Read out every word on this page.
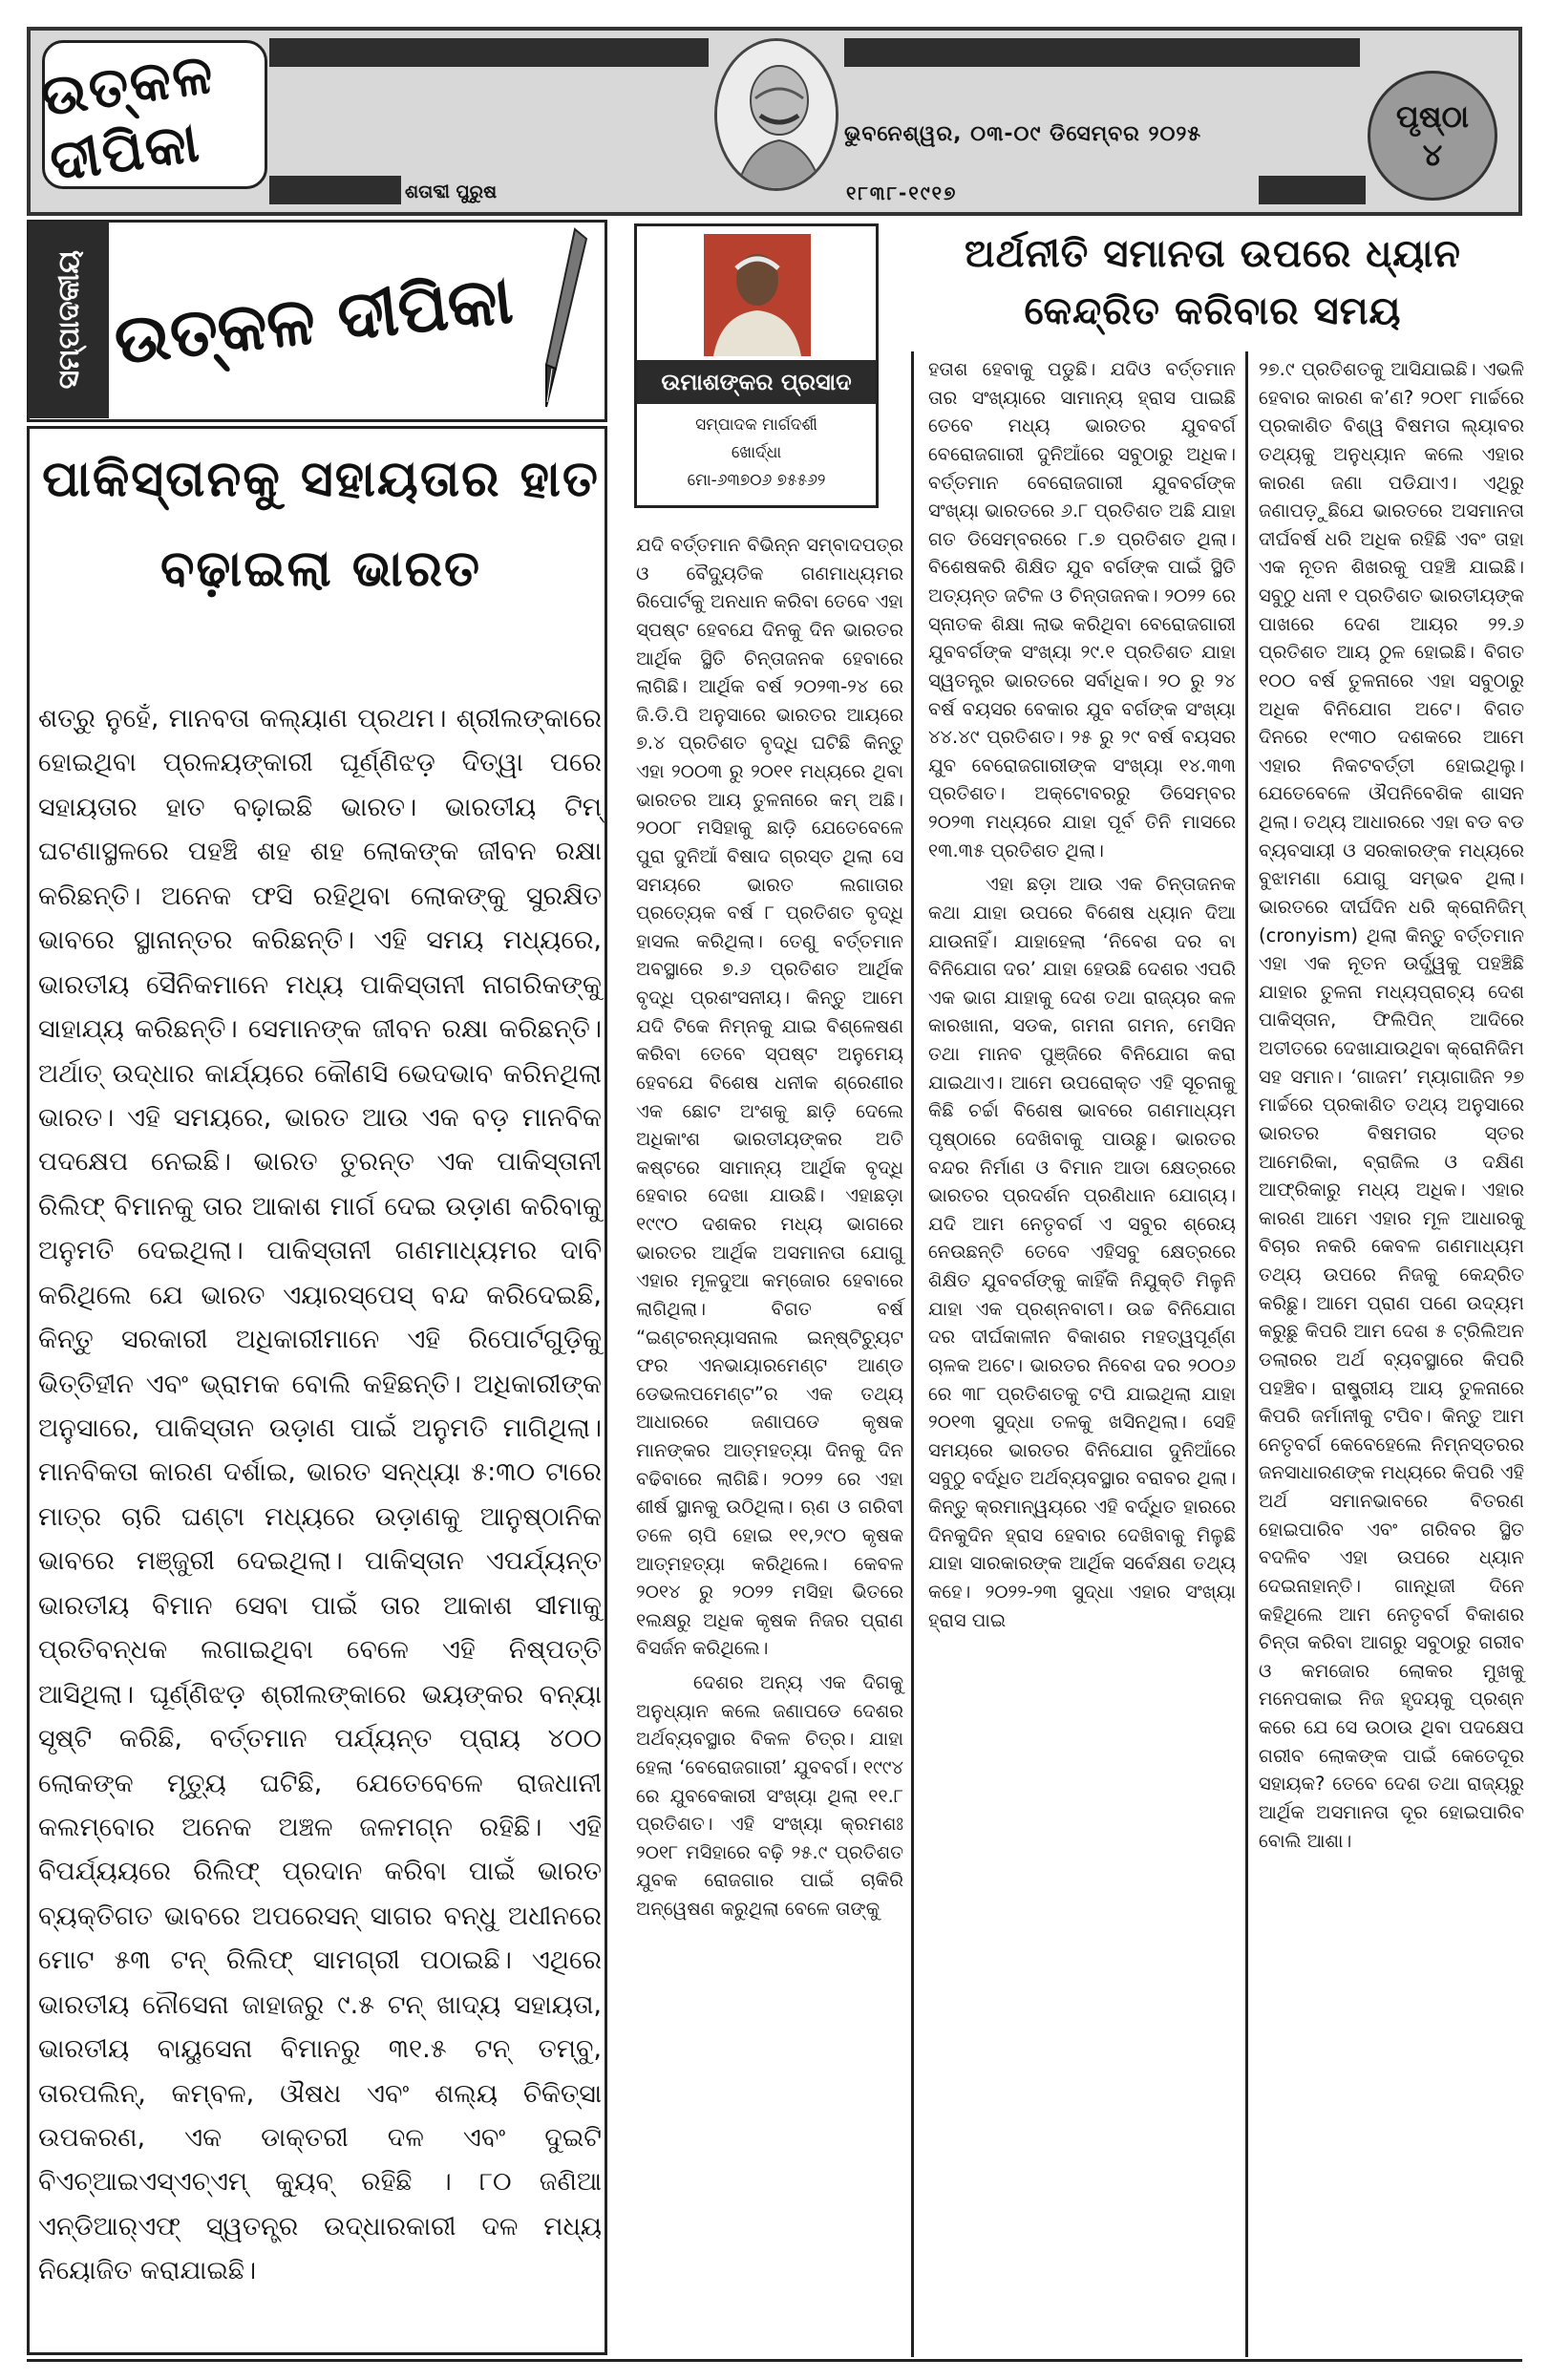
ଉତ୍କଳ ଦୀପିକା	ଭୁବନେଶ୍ୱର, ୦୩-୦୯ ଡିସେମ୍ବର ୨୦୨୫
ଶତାବ୍ଦୀ ପୁରୁଷ	୧୮୩୮-୧୯୧୭
ପୃଷ୍ଠା
୪
ସମ୍ପାଦକୀୟ ଉତ୍କଳ ଦୀପିକା
ପାକିସ୍ତାନକୁ ସହାୟତାର ହାତ ବଢ଼ାଇଲା ଭାରତ
ଶତ୍ରୁ ନୁହେଁ, ମାନବତା କଲ୍ୟାଣ ପ୍ରଥମ। ଶ୍ରୀଲଙ୍କାରେ ହୋଇଥିବା ପ୍ରଳୟଙ୍କାରୀ ଘୂର୍ଣ୍ଣିଝଡ଼ ଦିତ୍ୱା ପରେ ସହାୟତାର ହାତ ବଢ଼ାଇଛି ଭାରତ। ଭାରତୀୟ ଟିମ୍ ଘଟଣାସ୍ଥଳରେ ପହଞ୍ଚି ଶହ ଶହ ଲୋକଙ୍କ ଜୀବନ ରକ୍ଷା କରିଛନ୍ତି। ଅନେକ ଫସି ରହିଥିବା ଲୋକଙ୍କୁ ସୁରକ୍ଷିତ ଭାବରେ ସ୍ଥାନାନ୍ତର କରିଛନ୍ତି। ଏହି ସମୟ ମଧ୍ୟରେ, ଭାରତୀୟ ସୈନିକମାନେ ମଧ୍ୟ ପାକିସ୍ତାନୀ ନାଗରିକଙ୍କୁ ସାହାଯ୍ୟ କରିଛନ୍ତି। ସେମାନଙ୍କ ଜୀବନ ରକ୍ଷା କରିଛନ୍ତି। ଅର୍ଥାତ୍ ଉଦ୍ଧାର କାର୍ଯ୍ୟରେ କୌଣସି ଭେଦଭାବ କରିନଥିଲା ଭାରତ। ଏହି ସମୟରେ, ଭାରତ ଆଉ ଏକ ବଡ଼ ମାନବିକ ପଦକ୍ଷେପ ନେଇଛି। ଭାରତ ତୁରନ୍ତ ଏକ ପାକିସ୍ତାନୀ ରିଲିଫ୍ ବିମାନକୁ ତାର ଆକାଶ ମାର୍ଗ ଦେଇ ଉଡ଼ାଣ କରିବାକୁ ଅନୁମତି ଦେଇଥିଲା। ପାକିସ୍ତାନୀ ଗଣମାଧ୍ୟମର ଦାବି କରିଥିଲେ ଯେ ଭାରତ ଏୟାରସ୍ପେସ୍ ବନ୍ଦ କରିଦେଇଛି, କିନ୍ତୁ ସରକାରୀ ଅଧିକାରୀମାନେ ଏହି ରିପୋର୍ଟଗୁଡ଼ିକୁ ଭିତ୍ତିହୀନ ଏବଂ ଭ୍ରାମକ ବୋଲି କହିଛନ୍ତି। ଅଧିକାରୀଙ୍କ ଅନୁସାରେ, ପାକିସ୍ତାନ ଉଡ଼ାଣ ପାଇଁ ଅନୁମତି ମାଗିଥିଲା। ମାନବିକତା କାରଣ ଦର୍ଶାଇ, ଭାରତ ସନ୍ଧ୍ୟା ୫:୩୦ ଟାରେ ମାତ୍ର ଚାରି ଘଣ୍ଟା ମଧ୍ୟରେ ଉଡ଼ାଣକୁ ଆନୁଷ୍ଠାନିକ ଭାବରେ ମଞ୍ଜୁରୀ ଦେଇଥିଲା। ପାକିସ୍ତାନ ଏପର୍ଯ୍ୟନ୍ତ ଭାରତୀୟ ବିମାନ ସେବା ପାଇଁ ତାର ଆକାଶ ସୀମାକୁ ପ୍ରତିବନ୍ଧକ ଲଗାଇଥିବା ବେଳେ ଏହି ନିଷ୍ପତ୍ତି ଆସିଥିଲା। ଘୂର୍ଣ୍ଣିଝଡ଼ ଶ୍ରୀଲଙ୍କାରେ ଭୟଙ୍କର ବନ୍ୟା ସୃଷ୍ଟି କରିଛି, ବର୍ତ୍ତମାନ ପର୍ଯ୍ୟନ୍ତ ପ୍ରାୟ ୪୦୦ ଲୋକଙ୍କ ମୃତ୍ୟୁ ଘଟିଛି, ଯେତେବେଳେ ରାଜଧାନୀ କଲମ୍ବୋର ଅନେକ ଅଞ୍ଚଳ ଜଳମଗ୍ନ ରହିଛି। ଏହି ବିପର୍ଯ୍ୟୟରେ ରିଲିଫ୍ ପ୍ରଦାନ କରିବା ପାଇଁ ଭାରତ ବ୍ୟକ୍ତିଗତ ଭାବରେ ଅପରେସନ୍ ସାଗର ବନ୍ଧୁ ଅଧୀନରେ ମୋଟ ୫୩ ଟନ୍ ରିଲିଫ୍ ସାମଗ୍ରୀ ପଠାଇଛି। ଏଥିରେ ଭାରତୀୟ ନୌସେନା ଜାହାଜରୁ ୯.୫ ଟନ୍ ଖାଦ୍ୟ ସହାୟତା, ଭାରତୀୟ ବାୟୁସେନା ବିମାନରୁ ୩୧.୫ ଟନ୍ ତମ୍ବୁ, ତାରପଲିନ୍, କମ୍ବଳ, ଔଷଧ ଏବଂ ଶଲ୍ୟ ଚିକିତ୍ସା ଉପକରଣ, ଏକ ଡାକ୍ତରୀ ଦଳ ଏବଂ ଦୁଇଟି ବିଏଚ୍‌ଆଇଏସ୍‌ଏଚ୍‌ଏମ୍ କ୍ୟୁବ୍ ରହିଛି । ୮୦ ଜଣିଆ ଏନ୍‌ଡିଆର୍‌ଏଫ୍ ସ୍ୱତନ୍ତ୍ର ଉଦ୍ଧାରକାରୀ ଦଳ ମଧ୍ୟ ନିୟୋଜିତ କରାଯାଇଛି।
ଉମାଶଙ୍କର ପ୍ରସାଦ
ସମ୍ପାଦକ ମାର୍ଗଦର୍ଶୀ
ଖୋର୍ଦ୍ଧା
ମୋ-୬୩୭୦୬ ୭୫୫୬୨
ଅର୍ଥନୀତି ସମାନତା ଉପରେ ଧ୍ୟାନ କେନ୍ଦ୍ରିତ କରିବାର ସମୟ

ଯଦି ବର୍ତ୍ତମାନ ବିଭିନ୍ନ ସମ୍ବାଦପତ୍ର ଓ ବୈଦ୍ୟୁତିକ ଗଣମାଧ୍ୟମର ରିପୋର୍ଟକୁ ଅନଧାନ କରିବା ତେବେ ଏହା ସ୍ପଷ୍ଟ ହେବଯେ ଦିନକୁ ଦିନ ଭାରତର ଆର୍ଥିକ ସ୍ଥିତି ଚିନ୍ତାଜନକ ହେବାରେ ଲାଗିଛି। ଆର୍ଥିକ ବର୍ଷ ୨୦୨୩-୨୪ ରେ ଜି.ଡି.ପି ଅନୁସାରେ ଭାରତର ଆୟରେ ୭.୪ ପ୍ରତିଶତ ବୃଦ୍ଧି ଘଟିଛି କିନ୍ତୁ ଏହା ୨୦୦୩ ରୁ ୨୦୧୧ ମଧ୍ୟରେ ଥିବା ଭାରତର ଆୟ ତୁଳନାରେ କମ୍ ଅଛି। ୨୦୦୮ ମସିହାକୁ ଛାଡ଼ି ଯେତେବେଳେ ପୁରା ଦୁନିଆଁ ବିଷାଦ ଗ୍ରସ୍ତ ଥିଲା ସେ ସମୟରେ ଭାରତ ଲଗାତାର ପ୍ରତ୍ୟେକ ବର୍ଷ ୮ ପ୍ରତିଶତ ବୃଦ୍ଧି ହାସଲ କରିଥିଲା। ତେଣୁ ବର୍ତ୍ତମାନ ଅବସ୍ଥାରେ ୭.୬ ପ୍ରତିଶତ ଆର୍ଥିକ ବୃଦ୍ଧି ପ୍ରଶଂସନୀୟ। କିନ୍ତୁ ଆମେ ଯଦି ଟିକେ ନିମ୍ନକୁ ଯାଇ ବିଶ୍ଳେଷଣ କରିବା ତେବେ ସ୍ପଷ୍ଟ ଅନୁମେୟ ହେବଯେ ବିଶେଷ ଧନୀକ ଶ୍ରେଣୀର ଏକ ଛୋଟ ଅଂଶକୁ ଛାଡ଼ି ଦେଲେ ଅଧିକାଂଶ ଭାରତୀୟଙ୍କର ଅତି କଷ୍ଟରେ ସାମାନ୍ୟ ଆର୍ଥିକ ବୃଦ୍ଧି ହେବାର ଦେଖା ଯାଉଛି। ଏହାଛଡ଼ା ୧୯୯୦ ଦଶକର ମଧ୍ୟ ଭାଗରେ ଭାରତର ଆର୍ଥିକ ଅସମାନତା ଯୋଗୁ ଏହାର ମୂଳଦୁଆ କମ୍‌ଜୋର ହେବାରେ ଲାଗିଥିଲା। ବିଗତ ବର୍ଷ “ଇଣ୍ଟରନ୍ୟାସନାଲ ଇନ୍‌ଷ୍ଟିଚ୍ୟୁଟ ଫର ଏନଭାୟାରମେଣ୍ଟ ଆଣ୍ଡ ଡେଭଲପମେଣ୍ଟ”ର ଏକ ତଥ୍ୟ ଆଧାରରେ ଜଣାପଡେ କୃଷକ ମାନଙ୍କର ଆତ୍ମହତ୍ୟା ଦିନକୁ ଦିନ ବଢିବାରେ ଲାଗିଛି। ୨୦୨୨ ରେ ଏହା ଶୀର୍ଷ ସ୍ଥାନକୁ ଉଠିଥିଲା। ଋଣ ଓ ଗରିବୀ ତଳେ ଚାପି ହୋଇ ୧୧,୨୯୦ କୃଷକ ଆତ୍ମହତ୍ୟା କରିଥିଲେ। କେବଳ ୨୦୧୪ ରୁ ୨୦୨୨ ମସିହା ଭିତରେ ୧ଲକ୍ଷରୁ ଅଧିକ କୃଷକ ନିଜର ପ୍ରାଣ ବିସର୍ଜନ କରିଥିଲେ।

ଦେଶର ଅନ୍ୟ ଏକ ଦିଗକୁ ଅନୁଧ୍ୟାନ କଲେ ଜଣାପଡେ ଦେଶର ଅର୍ଥବ୍ୟବସ୍ଥାର ବିକଳ ଚିତ୍ର। ଯାହା ହେଲା ‘ବେରୋଜଗାରୀ’ ଯୁବବର୍ଗ। ୧୯୯୪ ରେ ଯୁବବେକାରୀ ସଂଖ୍ୟା ଥିଲା ୧୧.୮ ପ୍ରତିଶତ। ଏହି ସଂଖ୍ୟା କ୍ରମଶଃ ୨୦୧୮ ମସିହାରେ ବଢ଼ି ୨୫.୯ ପ୍ରତିଶତ ଯୁବକ ରୋଜଗାର ପାଇଁ ଚାକିରି ଅନ୍ୱେଷଣ କରୁଥିଲା ବେଳେ ତାଙ୍କୁ

ହତାଶ ହେବାକୁ ପଡୁଛି। ଯଦିଓ ବର୍ତ୍ତମାନ ତାର ସଂଖ୍ୟାରେ ସାମାନ୍ୟ ହ୍ରାସ ପାଇଛି ତେବେ ମଧ୍ୟ ଭାରତର ଯୁବବର୍ଗ ବେରୋଜଗାରୀ ଦୁନିଆଁରେ ସବୁଠାରୁ ଅଧିକ। ବର୍ତ୍ତମାନ ବେରୋଜଗାରୀ ଯୁବବର୍ଗଙ୍କ ସଂଖ୍ୟା ଭାରତରେ ୬.୮ ପ୍ରତିଶତ ଅଛି ଯାହା ଗତ ଡିସେମ୍ବରରେ ୮.୭ ପ୍ରତିଶତ ଥିଲା। ବିଶେଷକରି ଶିକ୍ଷିତ ଯୁବ ବର୍ଗଙ୍କ ପାଇଁ ସ୍ଥିତି ଅତ୍ୟନ୍ତ ଜଟିଳ ଓ ଚିନ୍ତାଜନକ। ୨୦୨୨ ରେ ସ୍ନାତକ ଶିକ୍ଷା ଲାଭ କରିଥିବା ବେରୋଜଗାରୀ ଯୁବବର୍ଗଙ୍କ ସଂଖ୍ୟା ୨୯.୧ ପ୍ରତିଶତ ଯାହା ସ୍ୱତନ୍ତ୍ର ଭାରତରେ ସର୍ବାଧିକ। ୨୦ ରୁ ୨୪ ବର୍ଷ ବୟସର ବେକାର ଯୁବ ବର୍ଗଙ୍କ ସଂଖ୍ୟା ୪୪.୪୯ ପ୍ରତିଶତ। ୨୫ ରୁ ୨୯ ବର୍ଷ ବୟସର ଯୁବ ବେରୋଜଗାରୀଙ୍କ ସଂଖ୍ୟା ୧୪.୩୩ ପ୍ରତିଶତ। ଅକ୍ଟୋବରରୁ ଡିସେମ୍ବର ୨୦୨୩ ମଧ୍ୟରେ ଯାହା ପୂର୍ବ ତିନି ମାସରେ ୧୩.୩୫ ପ୍ରତିଶତ ଥିଲା।

ଏହା ଛଡ଼ା ଆଉ ଏକ ଚିନ୍ତାଜନକ କଥା ଯାହା ଉପରେ ବିଶେଷ ଧ୍ୟାନ ଦିଆ ଯାଉନାହିଁ। ଯାହାହେଲା ‘ନିବେଶ ଦର ବା ବିନିଯୋଗ ଦର’ ଯାହା ହେଉଛି ଦେଶର ଏପରି ଏକ ଭାଗ ଯାହାକୁ ଦେଶ ତଥା ରାଜ୍ୟର କଳ କାରଖାନା, ସଡକ, ଗମନା ଗମନ, ମେସିନ ତଥା ମାନବ ପୁଞ୍ଜିରେ ବିନିଯୋଗ କରା ଯାଇଥାଏ। ଆମେ ଉପରୋକ୍ତ ଏହି ସୂଚନାକୁ କିଛି ଚର୍ଚ୍ଚା ବିଶେଷ ଭାବରେ ଗଣମାଧ୍ୟମ ପୃଷ୍ଠାରେ ଦେଖିବାକୁ ପାଉଛୁ। ଭାରତର ବନ୍ଦର ନିର୍ମାଣ ଓ ବିମାନ ଆଡା କ୍ଷେତ୍ରରେ ଭାରତର ପ୍ରଦର୍ଶନ ପ୍ରଣିଧାନ ଯୋଗ୍ୟ। ଯଦି ଆମ ନେତୃବର୍ଗ ଏ ସବୁର ଶ୍ରେୟ ନେଉଛନ୍ତି ତେବେ ଏହିସବୁ କ୍ଷେତ୍ରରେ ଶିକ୍ଷିତ ଯୁବବର୍ଗଙ୍କୁ କାହିଁକି ନିଯୁକ୍ତି ମିଳୁନି ଯାହା ଏକ ପ୍ରଶ୍ନବାଚୀ। ଉଚ୍ଚ ବିନିଯୋଗ ଦର ଦୀର୍ଘକାଳୀନ ବିକାଶର ମହତ୍ୱପୂର୍ଣ୍ଣ ଚାଳକ ଅଟେ। ଭାରତର ନିବେଶ ଦର ୨୦୦୬ ରେ ୩୮ ପ୍ରତିଶତକୁ ଟପି ଯାଇଥିଲା ଯାହା ୨୦୧୩ ସୁଦ୍ଧା ତଳକୁ ଖସିନଥିଲା। ସେହି ସମୟରେ ଭାରତର ବିନିଯୋଗ ଦୁନିଆଁରେ ସବୁଠୁ ବର୍ଦ୍ଧିତ ଅର୍ଥବ୍ୟବସ୍ଥାର ବରାବର ଥିଲା। କିନ୍ତୁ କ୍ରମାନ୍ୱୟରେ ଏହି ବର୍ଦ୍ଧିତ ହାରରେ ଦିନକୁଦିନ ହ୍ରାସ ହେବାର ଦେଖିବାକୁ ମିଳୁଛି ଯାହା ସାରକାରଙ୍କ ଆର୍ଥିକ ସର୍ବେକ୍ଷଣ ତଥ୍ୟ କହେ। ୨୦୨୨-୨୩ ସୁଦ୍ଧା ଏହାର ସଂଖ୍ୟା ହ୍ରାସ ପାଇ

୨୭.୯ ପ୍ରତିଶତକୁ ଆସିଯାଇଛି। ଏଭଳି ହେବାର କାରଣ କ’ଣ? ୨୦୧୮ ମାର୍ଚ୍ଚରେ ପ୍ରକାଶିତ ବିଶ୍ୱ ବିଷମତା ଲ୍ୟାବର ତଥ୍ୟକୁ ଅନୁଧ୍ୟାନ କଲେ ଏହାର କାରଣ ଜଣା ପଡିଯାଏ। ଏଥିରୁ ଜଣାପଡ଼ୁଛିଯେ ଭାରତରେ ଅସମାନତା ଦୀର୍ଘବର୍ଷ ଧରି ଅଧିକ ରହିଛି ଏବଂ ତାହା ଏକ ନୂତନ ଶିଖରକୁ ପହଞ୍ଚି ଯାଇଛି। ସବୁଠୁ ଧନୀ ୧ ପ୍ରତିଶତ ଭାରତୀୟଙ୍କ ପାଖରେ ଦେଶ ଆୟର ୨୨.୬ ପ୍ରତିଶତ ଆୟ ଠୁଳ ହୋଇଛି। ବିଗତ ୧୦୦ ବର୍ଷ ତୁଳନାରେ ଏହା ସବୁଠାରୁ ଅଧିକ ବିନିଯୋଗ ଅଟେ। ବିଗତ ଦିନରେ ୧୯୩୦ ଦଶକରେ ଆମେ ଏହାର ନିକଟବର୍ତ୍ତୀ ହୋଇଥିଲୁ। ଯେତେବେଳେ ଔପନିବେଶିକ ଶାସନ ଥିଲା। ତଥ୍ୟ ଆଧାରରେ ଏହା ବଡ ବଡ ବ୍ୟବସାୟୀ ଓ ସରକାରଙ୍କ ମଧ୍ୟରେ ବୁଝାମଣା ଯୋଗୁ ସମ୍ଭବ ଥିଲା। ଭାରତରେ ଦୀର୍ଘଦିନ ଧରି କ୍ରୋନିଜିମ୍ (cronyism) ଥିଲା କିନ୍ତୁ ବର୍ତ୍ତମାନ ଏହା ଏକ ନୂତନ ଉର୍ଦ୍ଧ୍ୱକୁ ପହଞ୍ଚିଛି ଯାହାର ତୁଳନା ମଧ୍ୟପ୍ରାଚ୍ୟ ଦେଶ ପାକିସ୍ତାନ, ଫିଲିପିନ୍ ଆଦିରେ ଅତୀତରେ ଦେଖାଯାଉଥିବା କ୍ରୋନିଜିମ ସହ ସମାନ। ‘ଗାଜମ’ ମ୍ୟାଗାଜିନ ୨୭ ମାର୍ଚ୍ଚରେ ପ୍ରକାଶିତ ତଥ୍ୟ ଅନୁସାରେ ଭାରତର ବିଷମତାର ସ୍ତର ଆମେରିକା, ବ୍ରାଜିଲ ଓ ଦକ୍ଷିଣ ଆଫ୍ରିକାରୁ ମଧ୍ୟ ଅଧିକ। ଏହାର କାରଣ ଆମେ ଏହାର ମୂଳ ଆଧାରକୁ ବିଚାର ନକରି କେବଳ ଗଣମାଧ୍ୟମ ତଥ୍ୟ ଉପରେ ନିଜକୁ କେନ୍ଦ୍ରିତ କରିଛୁ। ଆମେ ପ୍ରାଣ ପଣେ ଉଦ୍ୟମ କରୁଛୁ କିପରି ଆମ ଦେଶ ୫ ଟ୍ରିଲିଅନ ଡଲାରର ଅର୍ଥ ବ୍ୟବସ୍ଥାରେ କିପରି ପହଞ୍ଚିବ। ରାଷ୍ଟ୍ରୀୟ ଆୟ ତୁଳନାରେ କିପରି ଜର୍ମାନୀକୁ ଟପିବ। କିନ୍ତୁ ଆମ ନେତୃବର୍ଗ କେବେହେଲେ ନିମ୍ନସ୍ତରର ଜନସାଧାରଣଙ୍କ ମଧ୍ୟରେ କିପରି ଏହି ଅର୍ଥ ସମାନଭାବରେ ବିତରଣ ହୋଇପାରିବ ଏବଂ ଗରିବର ସ୍ଥିତ ବଦଳିବ ଏହା ଉପରେ ଧ୍ୟାନ ଦେଇନାହାନ୍ତି। ଗାନ୍ଧିଜୀ ଦିନେ କହିଥିଲେ ଆମ ନେତୃବର୍ଗ ବିକାଶର ଚିନ୍ତା କରିବା ଆଗରୁ ସବୁଠାରୁ ଗରୀବ ଓ କମଜୋର ଲୋକର ମୁଖକୁ ମନେପକାଇ ନିଜ ହୃଦୟକୁ ପ୍ରଶ୍ନ କରେ ଯେ ସେ ଉଠାଉ ଥିବା ପଦକ୍ଷେପ ଗରୀବ ଲୋକଙ୍କ ପାଇଁ କେତେଦୂର ସହାୟକ? ତେବେ ଦେଶ ତଥା ରାଜ୍ୟରୁ ଆର୍ଥିକ ଅସମାନତା ଦୂର ହୋଇପାରିବ ବୋଲି ଆଶା।
